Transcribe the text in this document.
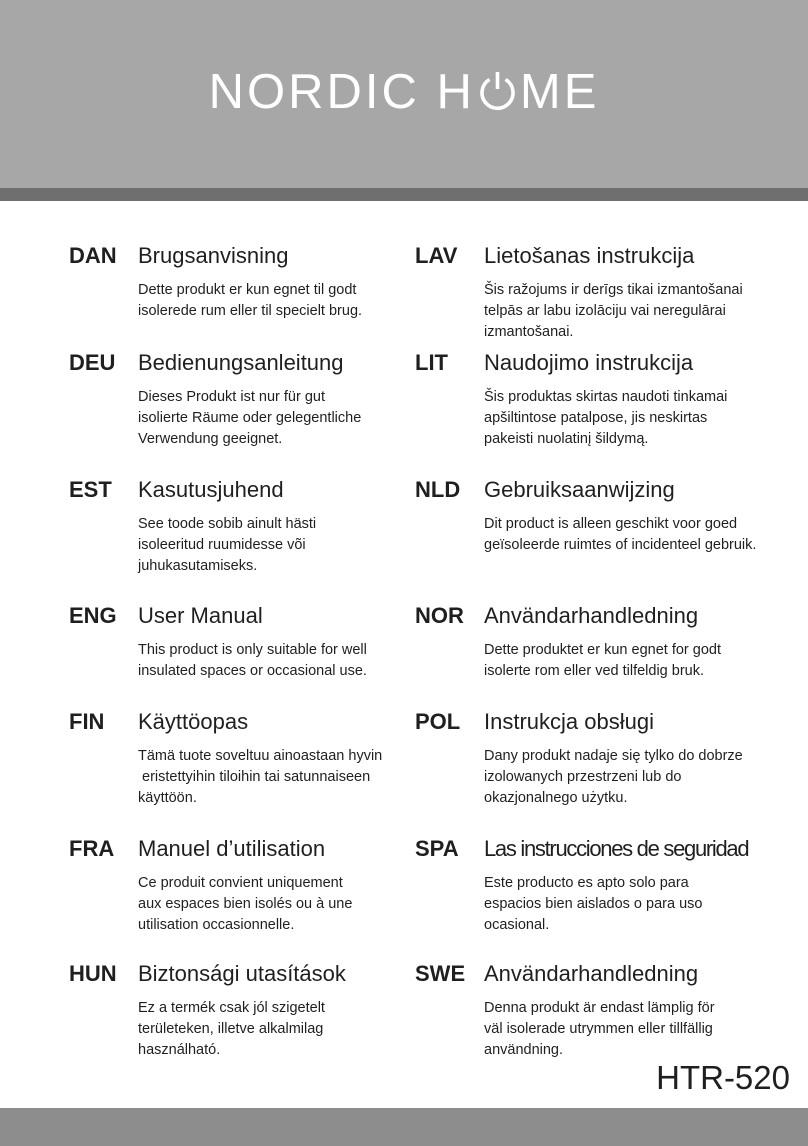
NORDIC H ME
DAN Brugsanvisning
Dette produkt er kun egnet til godt
isolerede rum eller til specielt brug.
DEU Bedienungsanleitung
Dieses Produkt ist nur für gut
isolierte Räume oder gelegentliche
Verwendung geeignet.
EST Kasutusjuhend
See toode sobib ainult hästi
isoleeritud ruumidesse või
juhukasutamiseks.
ENG User Manual
This product is only suitable for well
insulated spaces or occasional use.
FIN Käyttöopas
Tämä tuote soveltuu ainoastaan hyvin
eristettyihin tiloihin tai satunnaiseen
käyttöön.
FRA Manuel d’utilisation
Ce produit convient uniquement
aux espaces bien isolés ou à une
utilisation occasionnelle.
HUN Biztonsági utasítások
Ez a termék csak jól szigetelt
területeken, illetve alkalmilag
használható.
LAV Lietošanas instrukcija
Šis ražojums ir derīgs tikai izmantošanai
telpās ar labu izolāciju vai neregulārai
izmantošanai.
LIT Naudojimo instrukcija
Šis produktas skirtas naudoti tinkamai
apšiltintose patalpose, jis neskirtas
pakeisti nuolatinį šildymą.
NLD Gebruiksaanwijzing
Dit product is alleen geschikt voor goed
geïsoleerde ruimtes of incidenteel gebruik.
NOR Användarhandledning
Dette produktet er kun egnet for godt
isolerte rom eller ved tilfeldig bruk.
POL Instrukcja obsługi
Dany produkt nadaje się tylko do dobrze
izolowanych przestrzeni lub do
okazjonalnego użytku.
SPA Las instrucciones de seguridad
Este producto es apto solo para
espacios bien aislados o para uso
ocasional.
SWE Användarhandledning
Denna produkt är endast lämplig för
väl isolerade utrymmen eller tillfällig
användning.
HTR-520
